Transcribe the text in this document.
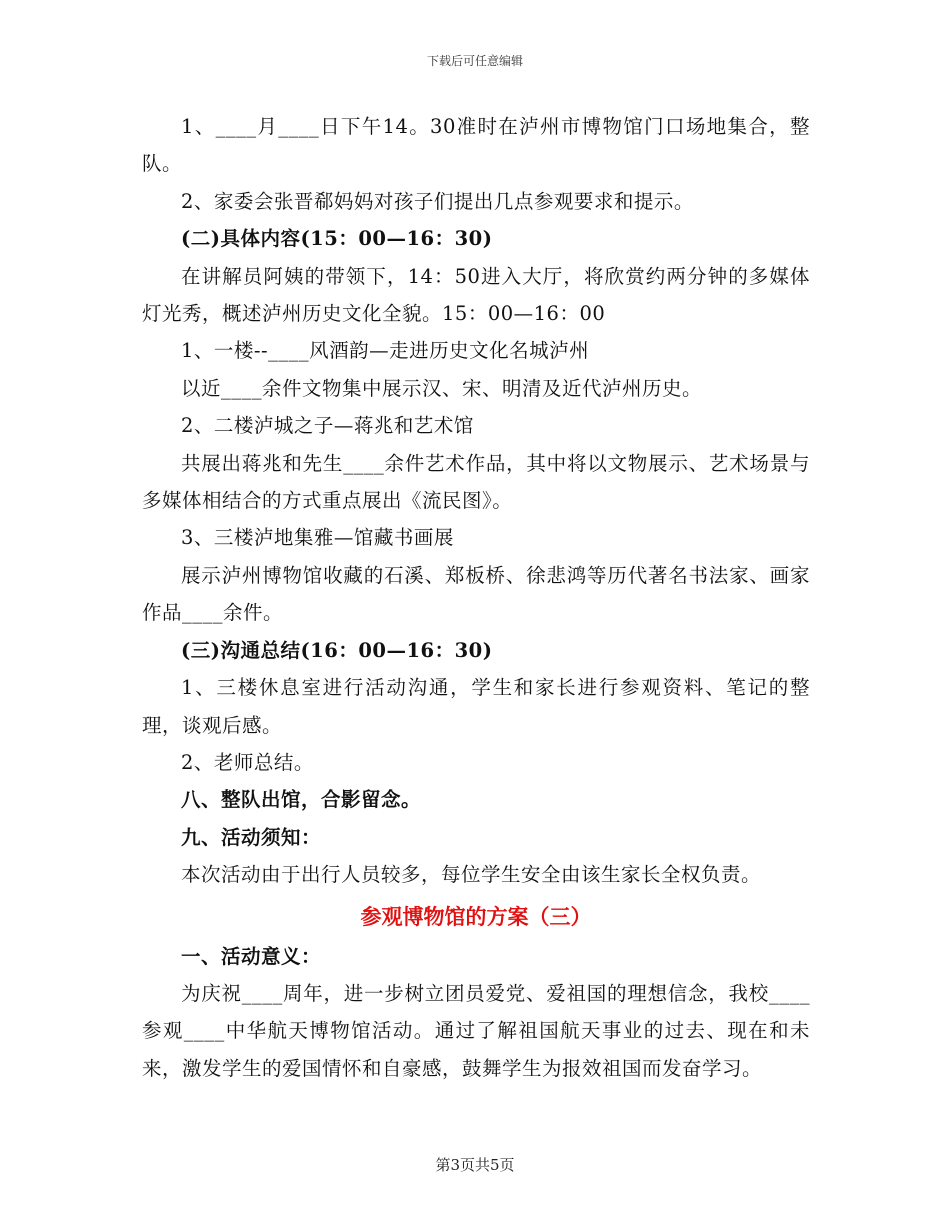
下载后可任意编辑

1、____月____日下午14。30准时在泸州市博物馆门口场地集合，整队。

2、家委会张晋郗妈妈对孩子们提出几点参观要求和提示。

(二)具体内容(15：00—16：30)

在讲解员阿姨的带领下，14：50进入大厅，将欣赏约两分钟的多媒体灯光秀，概述泸州历史文化全貌。15：00—16：00

1、一楼--____风酒韵—走进历史文化名城泸州

以近____余件文物集中展示汉、宋、明清及近代泸州历史。

2、二楼泸城之子—蒋兆和艺术馆

共展出蒋兆和先生____余件艺术作品，其中将以文物展示、艺术场景与多媒体相结合的方式重点展出《流民图》。

3、三楼泸地集雅—馆藏书画展

展示泸州博物馆收藏的石溪、郑板桥、徐悲鸿等历代著名书法家、画家作品____余件。

(三)沟通总结(16：00—16：30)

1、三楼休息室进行活动沟通，学生和家长进行参观资料、笔记的整理，谈观后感。

2、老师总结。

八、整队出馆，合影留念。

九、活动须知：

本次活动由于出行人员较多，每位学生安全由该生家长全权负责。

参观博物馆的方案（三）

一、活动意义：

为庆祝____周年，进一步树立团员爱党、爱祖国的理想信念，我校____参观____中华航天博物馆活动。通过了解祖国航天事业的过去、现在和未来，激发学生的爱国情怀和自豪感，鼓舞学生为报效祖国而发奋学习。

第3页共5页
